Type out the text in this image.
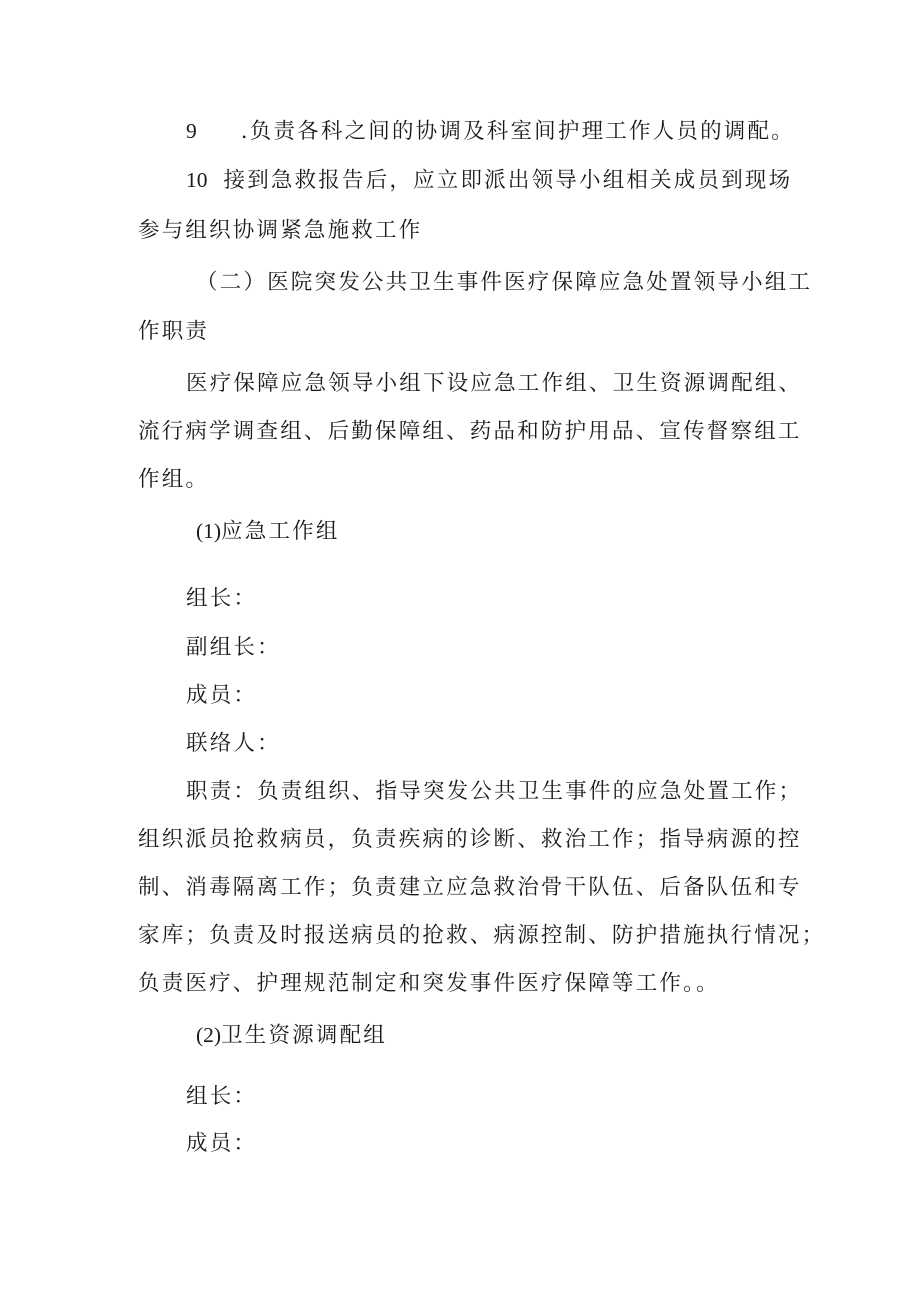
9 .负责各科之间的协调及科室间护理工作人员的调配。
10 接到急救报告后，应立即派出领导小组相关成员到现场
参与组织协调紧急施救工作
（二）医院突发公共卫生事件医疗保障应急处置领导小组工
作职责
医疗保障应急领导小组下设应急工作组、卫生资源调配组、
流行病学调查组、后勤保障组、药品和防护用品、宣传督察组工
作组。
(1)应急工作组
组长：
副组长：
成员：
联络人：
职责：负责组织、指导突发公共卫生事件的应急处置工作；
组织派员抢救病员，负责疾病的诊断、救治工作；指导病源的控
制、消毒隔离工作；负责建立应急救治骨干队伍、后备队伍和专
家库；负责及时报送病员的抢救、病源控制、防护措施执行情况；
负责医疗、护理规范制定和突发事件医疗保障等工作。。
(2)卫生资源调配组
组长：
成员：
